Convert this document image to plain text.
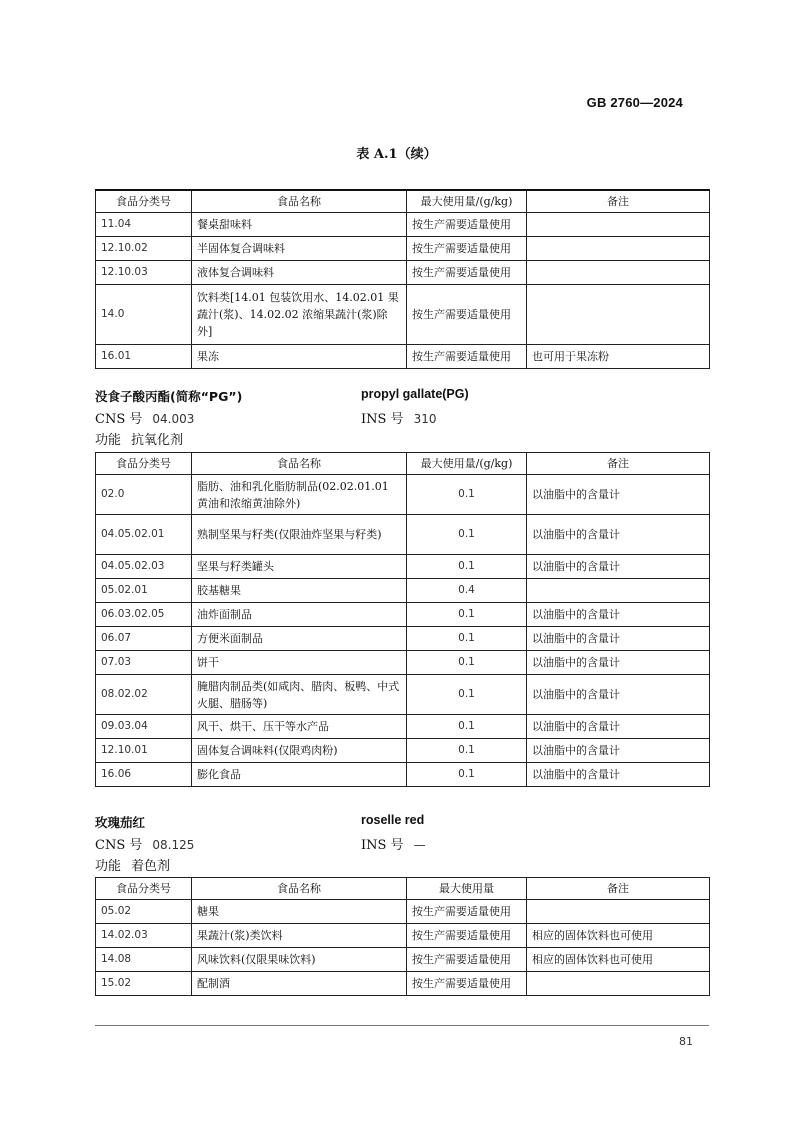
GB 2760—2024
表 A.1（续）
食品分类号	食品名称	最大使用量/(g/kg)	备注
11.04	餐桌甜味料	按生产需要适量使用	
12.10.02	半固体复合调味料	按生产需要适量使用	
12.10.03	液体复合调味料	按生产需要适量使用	
14.0	饮料类[14.01 包装饮用水、14.02.01 果蔬汁(浆)、14.02.02 浓缩果蔬汁(浆)除外]	按生产需要适量使用	
16.01	果冻	按生产需要适量使用	也可用于果冻粉
没食子酸丙酯(简称“PG”)	propyl gallate(PG)
CNS 号 04.003	INS 号 310
功能 抗氧化剂
食品分类号	食品名称	最大使用量/(g/kg)	备注
02.0	脂肪、油和乳化脂肪制品(02.02.01.01 黄油和浓缩黄油除外)	0.1	以油脂中的含量计
04.05.02.01	熟制坚果与籽类(仅限油炸坚果与籽类)	0.1	以油脂中的含量计
04.05.02.03	坚果与籽类罐头	0.1	以油脂中的含量计
05.02.01	胶基糖果	0.4	
06.03.02.05	油炸面制品	0.1	以油脂中的含量计
06.07	方便米面制品	0.1	以油脂中的含量计
07.03	饼干	0.1	以油脂中的含量计
08.02.02	腌腊肉制品类(如咸肉、腊肉、板鸭、中式火腿、腊肠等)	0.1	以油脂中的含量计
09.03.04	风干、烘干、压干等水产品	0.1	以油脂中的含量计
12.10.01	固体复合调味料(仅限鸡肉粉)	0.1	以油脂中的含量计
16.06	膨化食品	0.1	以油脂中的含量计
玫瑰茄红	roselle red
CNS 号 08.125	INS 号 —
功能 着色剂
食品分类号	食品名称	最大使用量	备注
05.02	糖果	按生产需要适量使用	
14.02.03	果蔬汁(浆)类饮料	按生产需要适量使用	相应的固体饮料也可使用
14.08	风味饮料(仅限果味饮料)	按生产需要适量使用	相应的固体饮料也可使用
15.02	配制酒	按生产需要适量使用	
81
